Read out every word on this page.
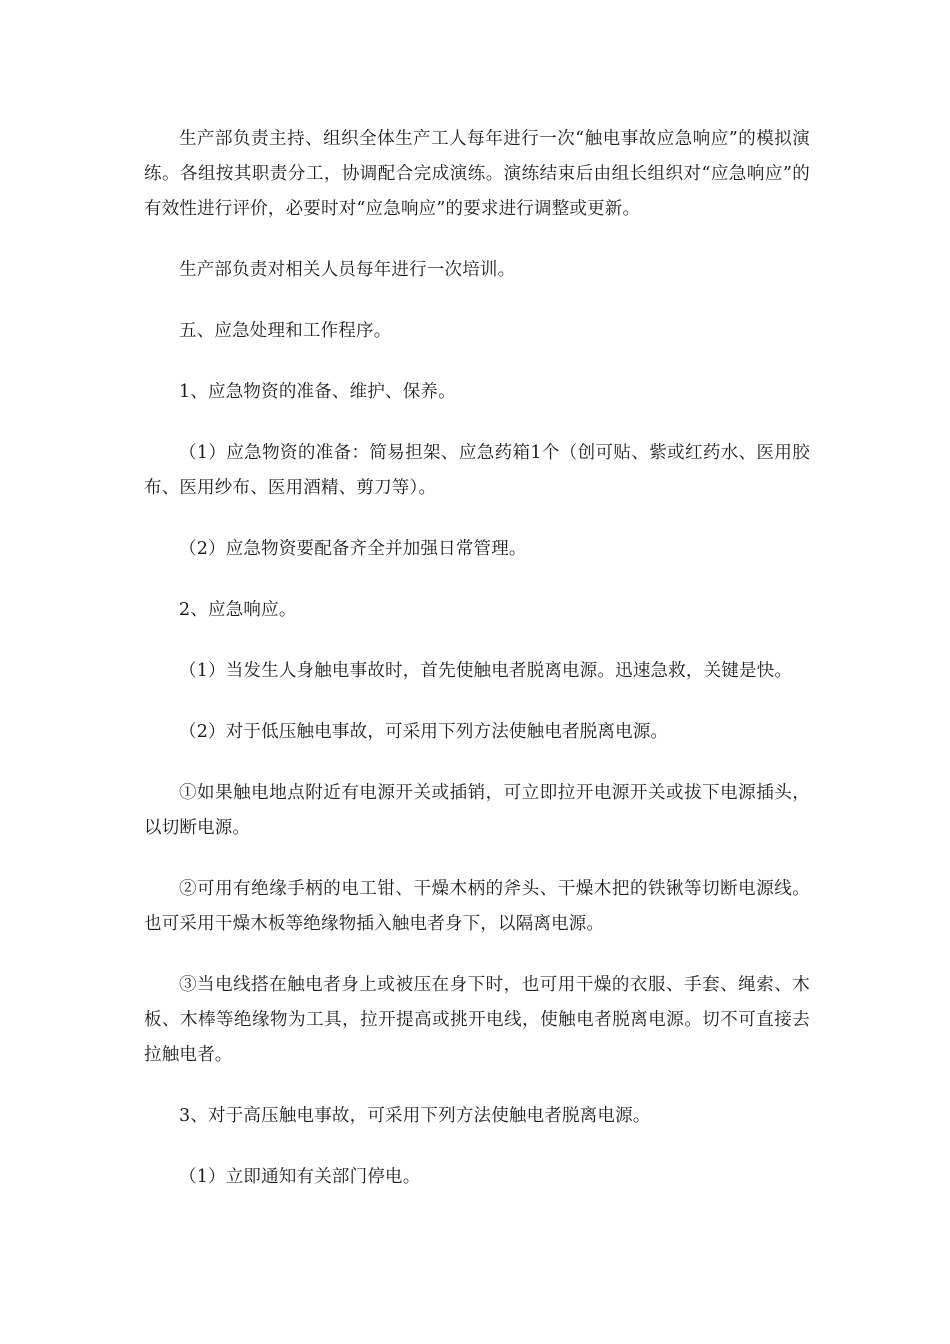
生产部负责主持、组织全体生产工人每年进行一次“触电事故应急响应”的模拟演练。各组按其职责分工，协调配合完成演练。演练结束后由组长组织对“应急响应”的有效性进行评价，必要时对“应急响应”的要求进行调整或更新。

生产部负责对相关人员每年进行一次培训。

五、应急处理和工作程序。

1、应急物资的准备、维护、保养。

（1）应急物资的准备：简易担架、应急药箱1个（创可贴、紫或红药水、医用胶布、医用纱布、医用酒精、剪刀等）。

（2）应急物资要配备齐全并加强日常管理。

2、应急响应。

（1）当发生人身触电事故时，首先使触电者脱离电源。迅速急救，关键是快。

（2）对于低压触电事故，可采用下列方法使触电者脱离电源。

①如果触电地点附近有电源开关或插销，可立即拉开电源开关或拔下电源插头，以切断电源。

②可用有绝缘手柄的电工钳、干燥木柄的斧头、干燥木把的铁锹等切断电源线。也可采用干燥木板等绝缘物插入触电者身下，以隔离电源。

③当电线搭在触电者身上或被压在身下时，也可用干燥的衣服、手套、绳索、木板、木棒等绝缘物为工具，拉开提高或挑开电线，使触电者脱离电源。切不可直接去拉触电者。

3、对于高压触电事故，可采用下列方法使触电者脱离电源。

（1）立即通知有关部门停电。
